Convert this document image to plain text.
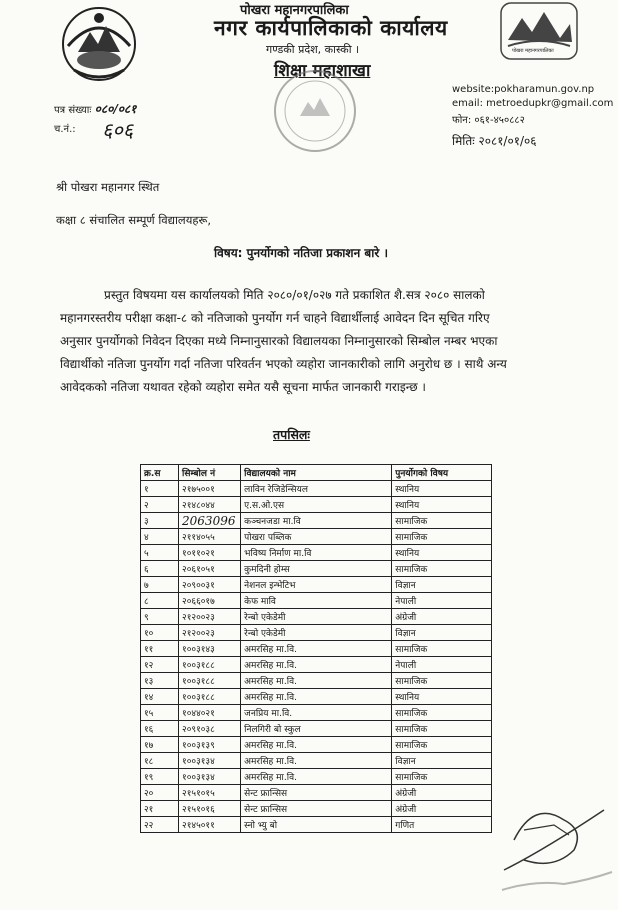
पोखरा महानगरपालिका
नगर कार्यपालिकाको कार्यालय
गण्डकी प्रदेश, कास्की ।
शिक्षा महाशाखा
पोखरा महानगरपालिका
पत्र संख्याः ०८०/०८१
च.नं.: ६०६
website:pokharamun.gov.np
email: metroedupkr@gmail.com
फोन: ०६१-४५०८८२
मितिः २०८१/०१/०६
श्री पोखरा महानगर स्थित
कक्षा ८ संचालित सम्पूर्ण विद्यालयहरू,
विषय: पुनर्योगको नतिजा प्रकाशन बारे ।
प्रस्तुत विषयमा यस कार्यालयको मिति २०८०/०१/०२७ गते प्रकाशित शै.सत्र २०८० सालको
महानगरस्तरीय परीक्षा कक्षा-८ को नतिजाको पुनर्योग गर्न चाहने विद्यार्थीलाई आवेदन दिन सूचित गरिए
अनुसार पुनर्योगको निवेदन दिएका मध्ये निम्नानुसारको विद्यालयका निम्नानुसारको सिम्बोल नम्बर भएका
विद्यार्थीको नतिजा पुनर्योग गर्दा नतिजा परिवर्तन भएको व्यहोरा जानकारीको लागि अनुरोध छ । साथै अन्य
आवेदकको नतिजा यथावत रहेको व्यहोरा समेत यसै सूचना मार्फत जानकारी गराइन्छ ।
तपसिलः
क्र.स	सिम्बोल नं	विद्यालयको नाम	पुनर्योगको विषय
१	२१७५००१	लाविन रेजिडेन्सियल	स्थानिय
२	२१४८०४४	ए.स.ओ.एस	स्थानिय
३	2063096	कञ्चनजडा मा.वि	सामाजिक
४	२११४०५५	पोखरा पब्लिक	सामाजिक
५	१०११०२१	भविष्य निर्माण मा.वि	स्थानिय
६	२०६१०५१	कुमदिनी होम्स	सामाजिक
७	२०९००३१	नेशनल इन्भेटिभ	विज्ञान
८	२०६६०१७	केफ मावि	नेपाली
९	२१२००२३	रेन्बो एकेडेमी	अंग्रेजी
१०	२१२००२३	रेन्बो एकेडेमी	विज्ञान
११	१००३१४३	अमरसिह मा.वि.	सामाजिक
१२	१००३१८८	अमरसिह मा.वि.	नेपाली
१३	१००३१८८	अमरसिह मा.वि.	सामाजिक
१४	१००३१८८	अमरसिह मा.वि.	स्थानिय
१५	१०४४०२१	जनप्रिय मा.वि.	सामाजिक
१६	२०९१०३८	निलगिरी बो स्कुल	सामाजिक
१७	१००३१३९	अमरसिह मा.वि.	सामाजिक
१८	१००३१३४	अमरसिह मा.वि.	विज्ञान
१९	१००३१३४	अमरसिह मा.वि.	सामाजिक
२०	२१५१०१५	सेन्ट फ्रान्सिस	अंग्रेजी
२१	२१५१०१६	सेन्ट फ्रान्सिस	अंग्रेजी
२२	२१४५०११	स्नो भ्यु बो	गणित
